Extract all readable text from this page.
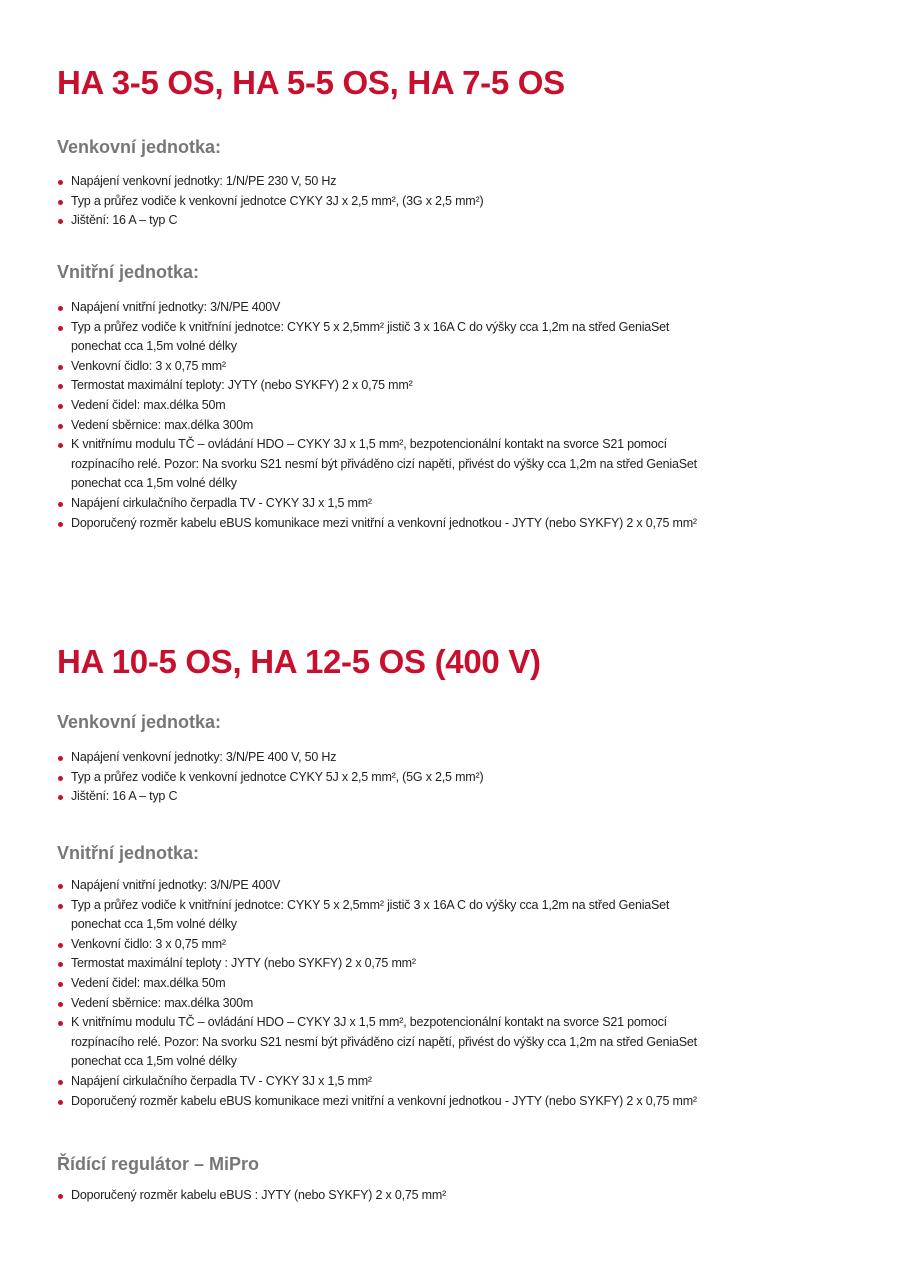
HA 3-5 OS, HA 5-5 OS, HA 7-5 OS
Venkovní jednotka:
Napájení venkovní jednotky: 1/N/PE 230 V, 50 Hz
Typ a průřez vodiče k venkovní jednotce CYKY 3J x 2,5 mm², (3G x 2,5 mm²)
Jištění: 16 A – typ C
Vnitřní jednotka:
Napájení vnitřní jednotky: 3/N/PE 400V
Typ a průřez vodiče k vnitřníní jednotce: CYKY 5 x 2,5mm² jistič 3 x 16A C do výšky cca 1,2m na střed GeniaSet
ponechat cca 1,5m volné délky
Venkovní čidlo: 3 x 0,75 mm²
Termostat maximální teploty: JYTY (nebo SYKFY) 2 x 0,75 mm²
Vedení čidel: max.délka 50m
Vedení sběrnice: max.délka 300m
K vnitřnímu modulu TČ – ovládání HDO – CYKY 3J x 1,5 mm², bezpotencionální kontakt na svorce S21 pomocí
rozpínacího relé. Pozor: Na svorku S21 nesmí být přiváděno cizí napětí, přivést do výšky cca 1,2m na střed GeniaSet
ponechat cca 1,5m volné délky
Napájení cirkulačního čerpadla TV - CYKY 3J x 1,5 mm²
Doporučený rozměr kabelu eBUS komunikace mezi vnitřní a venkovní jednotkou - JYTY (nebo SYKFY) 2 x 0,75 mm²
HA 10-5 OS, HA 12-5 OS (400 V)
Venkovní jednotka:
Napájení venkovní jednotky: 3/N/PE 400 V, 50 Hz
Typ a průřez vodiče k venkovní jednotce CYKY 5J x 2,5 mm², (5G x 2,5 mm²)
Jištění: 16 A – typ C
Vnitřní jednotka:
Napájení vnitřní jednotky: 3/N/PE 400V
Typ a průřez vodiče k vnitřníní jednotce: CYKY 5 x 2,5mm² jistič 3 x 16A C do výšky cca 1,2m na střed GeniaSet
ponechat cca 1,5m volné délky
Venkovní čidlo: 3 x 0,75 mm²
Termostat maximální teploty : JYTY (nebo SYKFY) 2 x 0,75 mm²
Vedení čidel: max.délka 50m
Vedení sběrnice: max.délka 300m
K vnitřnímu modulu TČ – ovládání HDO – CYKY 3J x 1,5 mm², bezpotencionální kontakt na svorce S21 pomocí
rozpínacího relé. Pozor: Na svorku S21 nesmí být přiváděno cizí napětí, přivést do výšky cca 1,2m na střed GeniaSet
ponechat cca 1,5m volné délky
Napájení cirkulačního čerpadla TV - CYKY 3J x 1,5 mm²
Doporučený rozměr kabelu eBUS komunikace mezi vnitřní a venkovní jednotkou - JYTY (nebo SYKFY) 2 x 0,75 mm²
Řídící regulátor – MiPro
Doporučený rozměr kabelu eBUS : JYTY (nebo SYKFY) 2 x 0,75 mm²
